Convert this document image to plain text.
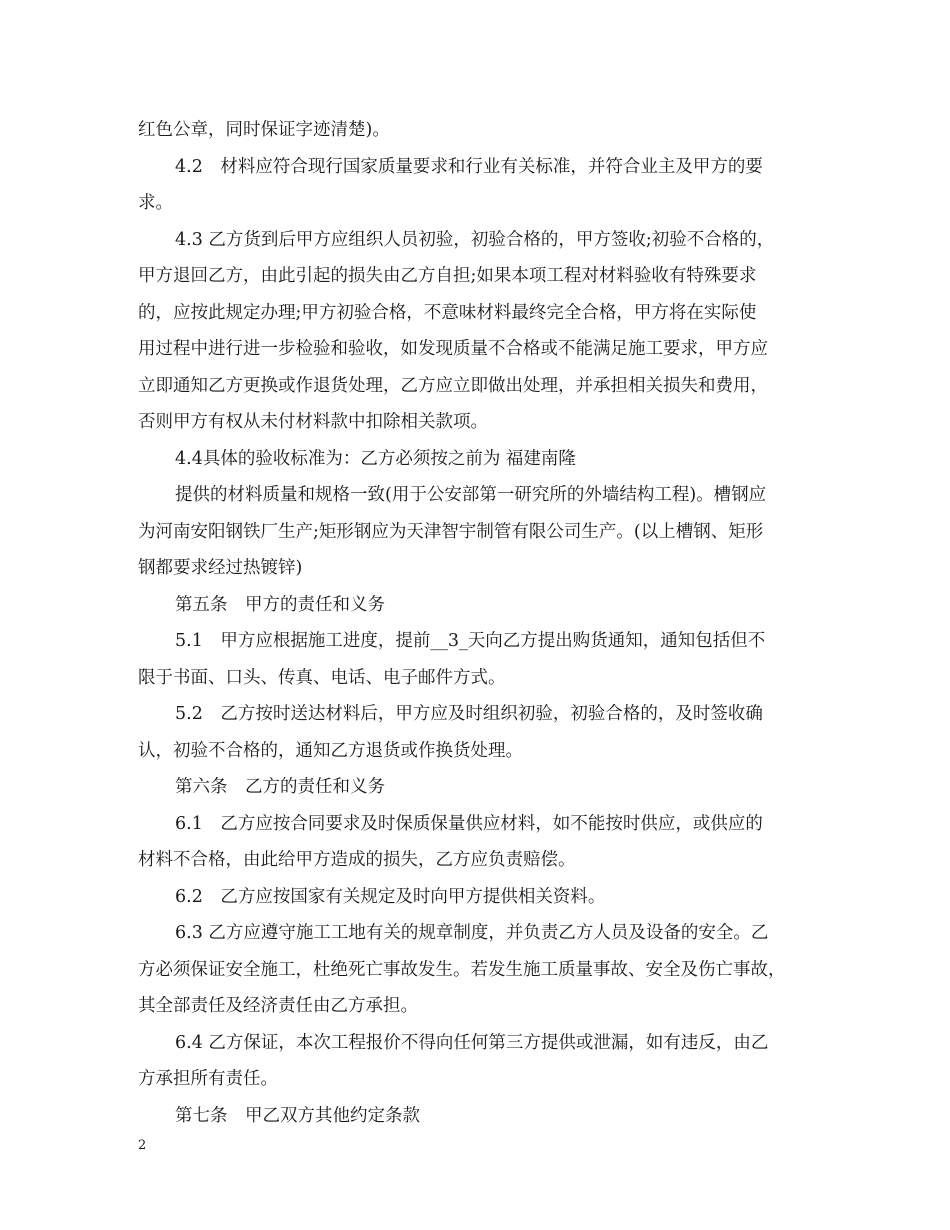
红色公章，同时保证字迹清楚)。
4.2　材料应符合现行国家质量要求和行业有关标准，并符合业主及甲方的要
求。
4.3 乙方货到后甲方应组织人员初验，初验合格的，甲方签收;初验不合格的，
甲方退回乙方，由此引起的损失由乙方自担;如果本项工程对材料验收有特殊要求
的，应按此规定办理;甲方初验合格，不意味材料最终完全合格，甲方将在实际使
用过程中进行进一步检验和验收，如发现质量不合格或不能满足施工要求，甲方应
立即通知乙方更换或作退货处理，乙方应立即做出处理，并承担相关损失和费用，
否则甲方有权从未付材料款中扣除相关款项。
4.4具体的验收标准为：乙方必须按之前为 福建南隆
提供的材料质量和规格一致(用于公安部第一研究所的外墙结构工程)。槽钢应
为河南安阳钢铁厂生产;矩形钢应为天津智宇制管有限公司生产。(以上槽钢、矩形
钢都要求经过热镀锌)
第五条　甲方的责任和义务
5.1　甲方应根据施工进度，提前__3_天向乙方提出购货通知，通知包括但不
限于书面、口头、传真、电话、电子邮件方式。
5.2　乙方按时送达材料后，甲方应及时组织初验，初验合格的，及时签收确
认，初验不合格的，通知乙方退货或作换货处理。
第六条　乙方的责任和义务
6.1　乙方应按合同要求及时保质保量供应材料，如不能按时供应，或供应的
材料不合格，由此给甲方造成的损失，乙方应负责赔偿。
6.2　乙方应按国家有关规定及时向甲方提供相关资料。
6.3 乙方应遵守施工工地有关的规章制度，并负责乙方人员及设备的安全。乙
方必须保证安全施工，杜绝死亡事故发生。若发生施工质量事故、安全及伤亡事故，
其全部责任及经济责任由乙方承担。
6.4 乙方保证，本次工程报价不得向任何第三方提供或泄漏，如有违反，由乙
方承担所有责任。
第七条　甲乙双方其他约定条款
2
